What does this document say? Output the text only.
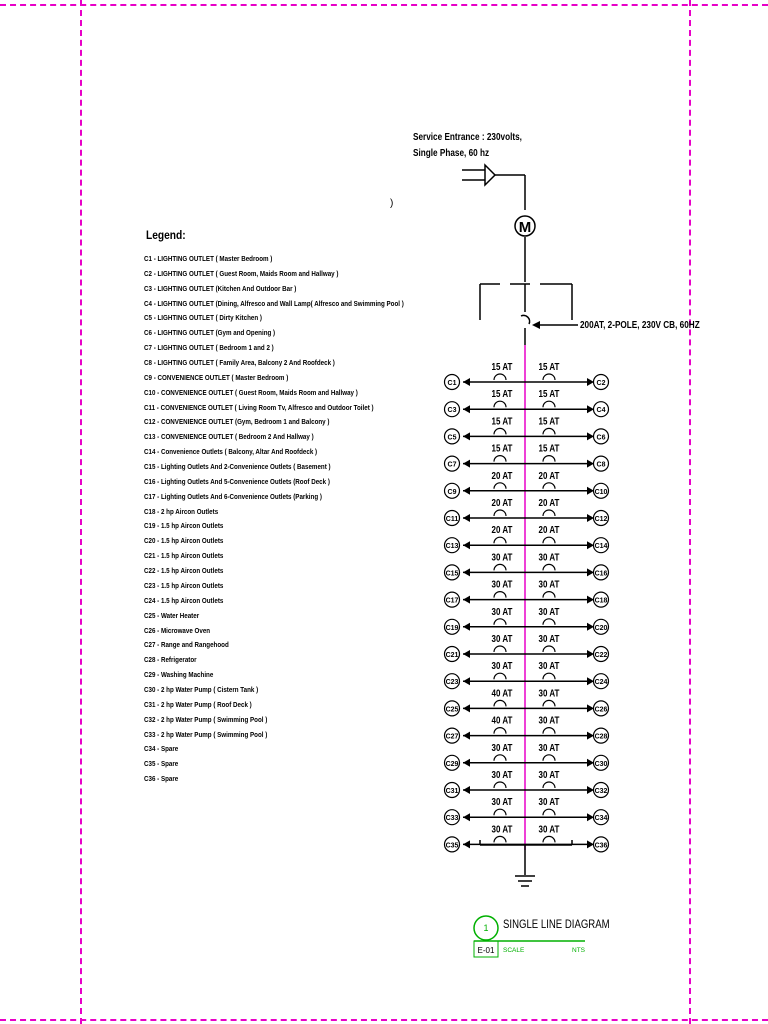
Service Entrance : 230volts,
Single Phase, 60 hz
)
200AT, 2-POLE, 230V CB, 60HZ
Legend:
C1 - LIGHTING OUTLET ( Master Bedroom )
C2 - LIGHTING OUTLET ( Guest Room, Maids Room and Hallway )
C3 - LIGHTING OUTLET (Kitchen And Outdoor Bar )
C4 - LIGHTING OUTLET (Dining, Alfresco and Wall Lamp( Alfresco and Swimming Pool )
C5 - LIGHTING OUTLET ( Dirty Kitchen )
C6 - LIGHTING OUTLET (Gym and Opening )
C7 - LIGHTING OUTLET ( Bedroom 1 and 2 )
C8 - LIGHTING OUTLET ( Family Area, Balcony 2 And Roofdeck )
C9 - CONVENIENCE OUTLET ( Master Bedroom )
C10 - CONVENIENCE OUTLET ( Guest Room, Maids Room and Hallway )
C11 - CONVENIENCE OUTLET ( Living Room Tv, Alfresco and Outdoor Toilet )
C12 - CONVENIENCE OUTLET (Gym, Bedroom 1 and Balcony )
C13 - CONVENIENCE OUTLET ( Bedroom 2 And Hallway )
C14 - Convenience Outlets ( Balcony, Altar And Roofdeck )
C15 - Lighting Outlets And 2-Convenience Outlets ( Basement )
C16 - Lighting Outlets And 5-Convenience Outlets (Roof Deck )
C17 - Lighting Outlets And 6-Convenience Outlets (Parking )
C18 - 2 hp Aircon Outlets
C19 - 1.5 hp Aircon Outlets
C20 - 1.5 hp Aircon Outlets
C21 - 1.5 hp Aircon Outlets
C22 - 1.5 hp Aircon Outlets
C23 - 1.5 hp Aircon Outlets
C24 - 1.5 hp Aircon Outlets
C25 - Water Heater
C26 - Microwave Oven
C27 - Range and Rangehood
C28 - Refrigerator
C29 - Washing Machine
C30 - 2 hp Water Pump ( Cistern Tank )
C31 - 2 hp Water Pump ( Roof Deck )
C32 - 2 hp Water Pump ( Swimming Pool )
C33 - 2 hp Water Pump ( Swimming Pool )
C34 - Spare
C35 - Spare
C36 - Spare
M
15 AT	15 AT
C1	C2
15 AT	15 AT
C3	C4
15 AT	15 AT
C5	C6
15 AT	15 AT
C7	C8
20 AT	20 AT
C9	C10
20 AT	20 AT
C11	C12
20 AT	20 AT
C13	C14
30 AT	30 AT
C15	C16
30 AT	30 AT
C17	C18
30 AT	30 AT
C19	C20
30 AT	30 AT
C21	C22
30 AT	30 AT
C23	C24
40 AT	30 AT
C25	C26
40 AT	30 AT
C27	C28
30 AT	30 AT
C29	C30
30 AT	30 AT
C31	C32
30 AT	30 AT
C33	C34
30 AT	30 AT
C35	C36
1
E-01
SINGLE LINE DIAGRAM
SCALE	NTS
